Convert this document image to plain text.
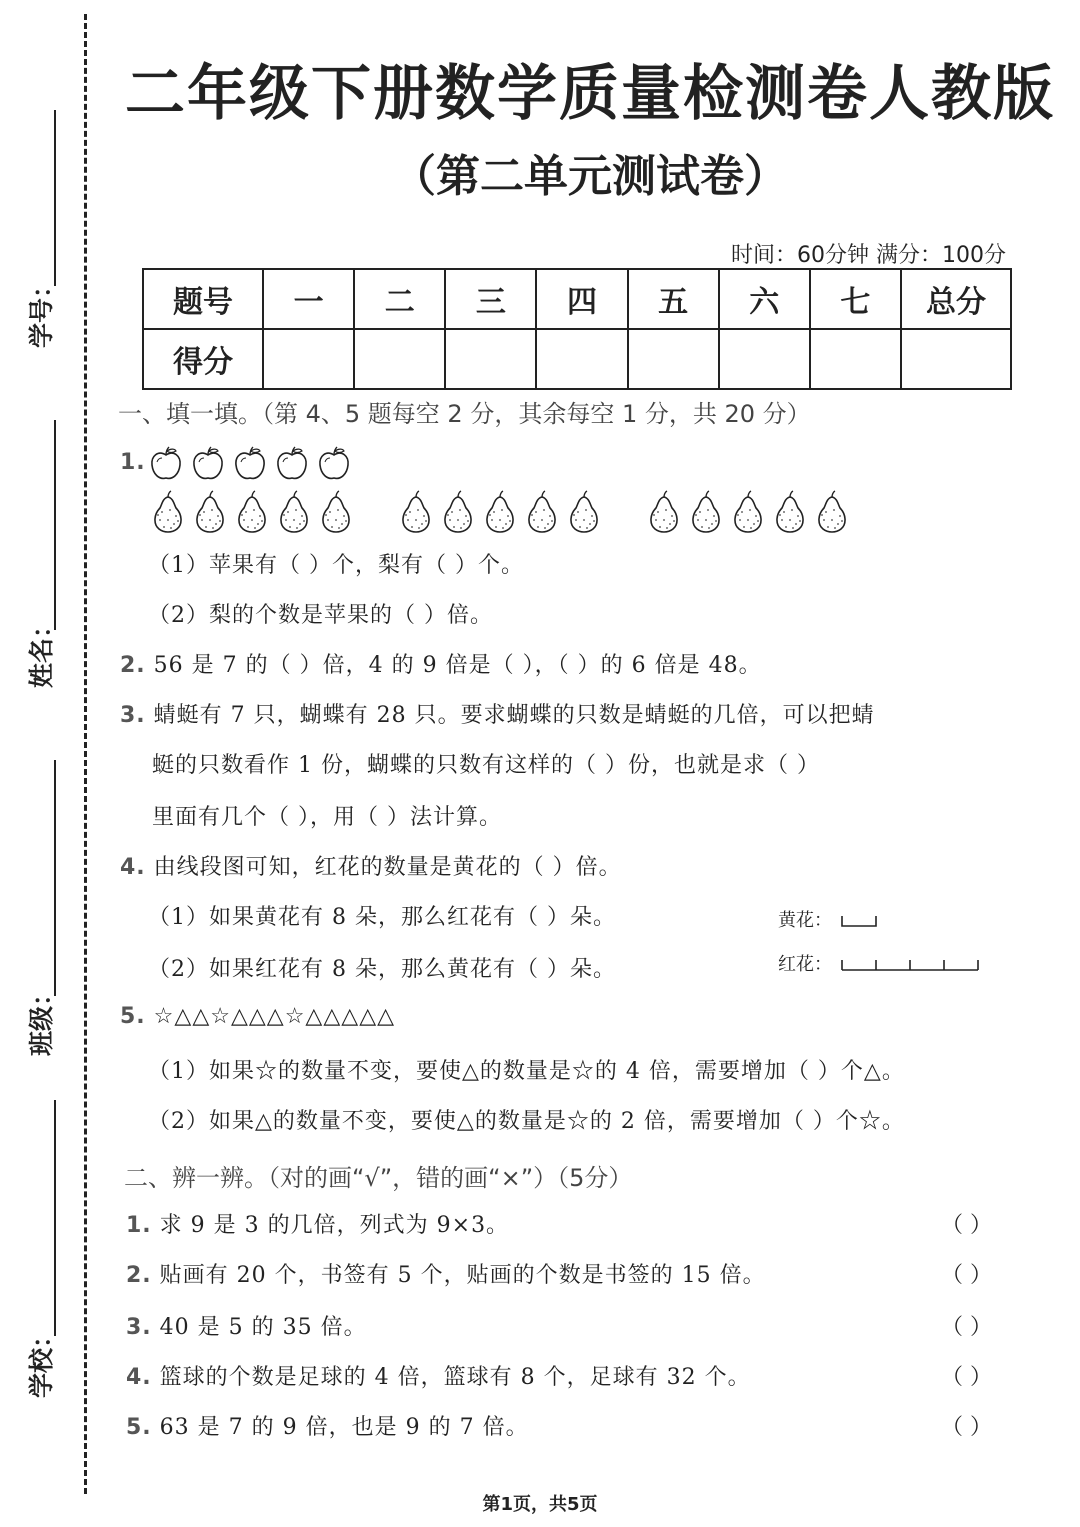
学号：
姓名：
班级：
学校：
二年级下册数学质量检测卷人教版
（第二单元测试卷）
时间：60分钟 满分：100分
题号	一	二	三	四	五	六	七	总分
得分								
一、填一填。（第 4、5 题每空 2 分，其余每空 1 分，共 20 分）
1.
（1）苹果有（ ）个，梨有（ ）个。
（2）梨的个数是苹果的（ ）倍。
2. 56 是 7 的（ ）倍，4 的 9 倍是（ ），（ ）的 6 倍是 48。
3. 蜻蜓有 7 只，蝴蝶有 28 只。要求蝴蝶的只数是蜻蜓的几倍，可以把蜻
蜓的只数看作 1 份，蝴蝶的只数有这样的（ ）份，也就是求（ ）
里面有几个（ ），用（ ）法计算。
4. 由线段图可知，红花的数量是黄花的（ ）倍。
（1）如果黄花有 8 朵，那么红花有（ ）朵。
（2）如果红花有 8 朵，那么黄花有（ ）朵。
黄花：
红花：
5. ☆△△☆△△△☆△△△△△
（1）如果☆的数量不变，要使△的数量是☆的 4 倍，需要增加（ ）个△。
（2）如果△的数量不变，要使△的数量是☆的 2 倍，需要增加（ ）个☆。
二、辨一辨。（对的画“√”，错的画“×”）（5分）
1. 求 9 是 3 的几倍，列式为 9×3。	（ ）
2. 贴画有 20 个，书签有 5 个，贴画的个数是书签的 15 倍。	（ ）
3. 40 是 5 的 35 倍。	（ ）
4. 篮球的个数是足球的 4 倍，篮球有 8 个，足球有 32 个。	（ ）
5. 63 是 7 的 9 倍，也是 9 的 7 倍。	（ ）
第1页，共5页
